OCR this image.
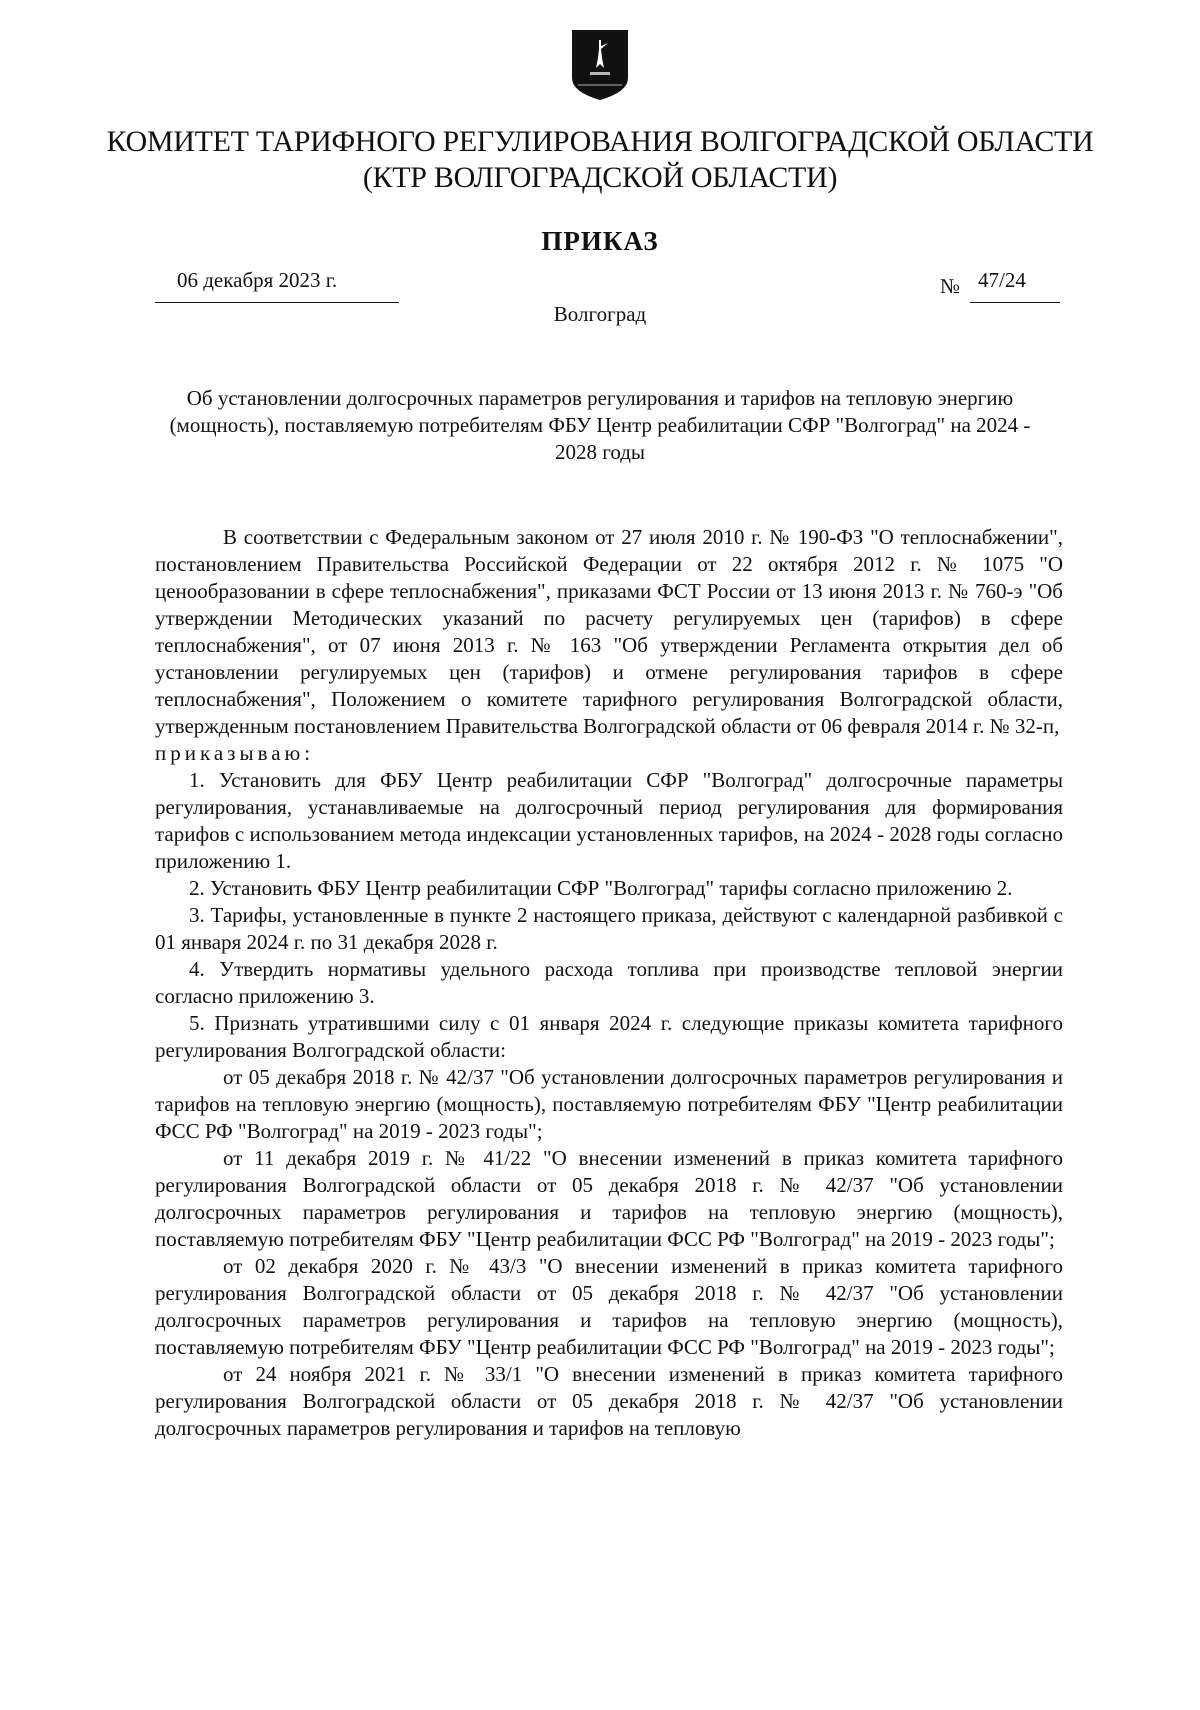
КОМИТЕТ ТАРИФНОГО РЕГУЛИРОВАНИЯ ВОЛГОГРАДСКОЙ ОБЛАСТИ
(КТР ВОЛГОГРАДСКОЙ ОБЛАСТИ)
ПРИКАЗ
06 декабря 2023 г.	№ 47/24
Волгоград
Об установлении долгосрочных параметров регулирования и тарифов на тепловую энергию (мощность), поставляемую потребителям ФБУ Центр реабилитации СФР "Волгоград" на 2024 - 2028 годы

В соответствии с Федеральным законом от 27 июля 2010 г. № 190-ФЗ "О теплоснабжении", постановлением Правительства Российской Федерации от 22 октября 2012 г. № 1075 "О ценообразовании в сфере теплоснабжения", приказами ФСТ России от 13 июня 2013 г. № 760-э "Об утверждении Методических указаний по расчету регулируемых цен (тарифов) в сфере теплоснабжения", от 07 июня 2013 г. № 163 "Об утверждении Регламента открытия дел об установлении регулируемых цен (тарифов) и отмене регулирования тарифов в сфере теплоснабжения", Положением о комитете тарифного регулирования Волгоградской области, утвержденным постановлением Правительства Волгоградской области от 06 февраля 2014 г. № 32-п,

приказываю:

1. Установить для ФБУ Центр реабилитации СФР "Волгоград" долгосрочные параметры регулирования, устанавливаемые на долгосрочный период регулирования для формирования тарифов с использованием метода индексации установленных тарифов, на 2024 - 2028 годы согласно приложению 1.

2. Установить ФБУ Центр реабилитации СФР "Волгоград" тарифы согласно приложению 2.

3. Тарифы, установленные в пункте 2 настоящего приказа, действуют с календарной разбивкой с 01 января 2024 г. по 31 декабря 2028 г.

4. Утвердить нормативы удельного расхода топлива при производстве тепловой энергии согласно приложению 3.

5. Признать утратившими силу с 01 января 2024 г. следующие приказы комитета тарифного регулирования Волгоградской области:

от 05 декабря 2018 г. № 42/37 "Об установлении долгосрочных параметров регулирования и тарифов на тепловую энергию (мощность), поставляемую потребителям ФБУ "Центр реабилитации ФСС РФ "Волгоград" на 2019 - 2023 годы";

от 11 декабря 2019 г. № 41/22 "О внесении изменений в приказ комитета тарифного регулирования Волгоградской области от 05 декабря 2018 г. № 42/37 "Об установлении долгосрочных параметров регулирования и тарифов на тепловую энергию (мощность), поставляемую потребителям ФБУ "Центр реабилитации ФСС РФ "Волгоград" на 2019 - 2023 годы";

от 02 декабря 2020 г. № 43/3 "О внесении изменений в приказ комитета тарифного регулирования Волгоградской области от 05 декабря 2018 г. № 42/37 "Об установлении долгосрочных параметров регулирования и тарифов на тепловую энергию (мощность), поставляемую потребителям ФБУ "Центр реабилитации ФСС РФ "Волгоград" на 2019 - 2023 годы";

от 24 ноября 2021 г. № 33/1 "О внесении изменений в приказ комитета тарифного регулирования Волгоградской области от 05 декабря 2018 г. № 42/37 "Об установлении долгосрочных параметров регулирования и тарифов на тепловую
